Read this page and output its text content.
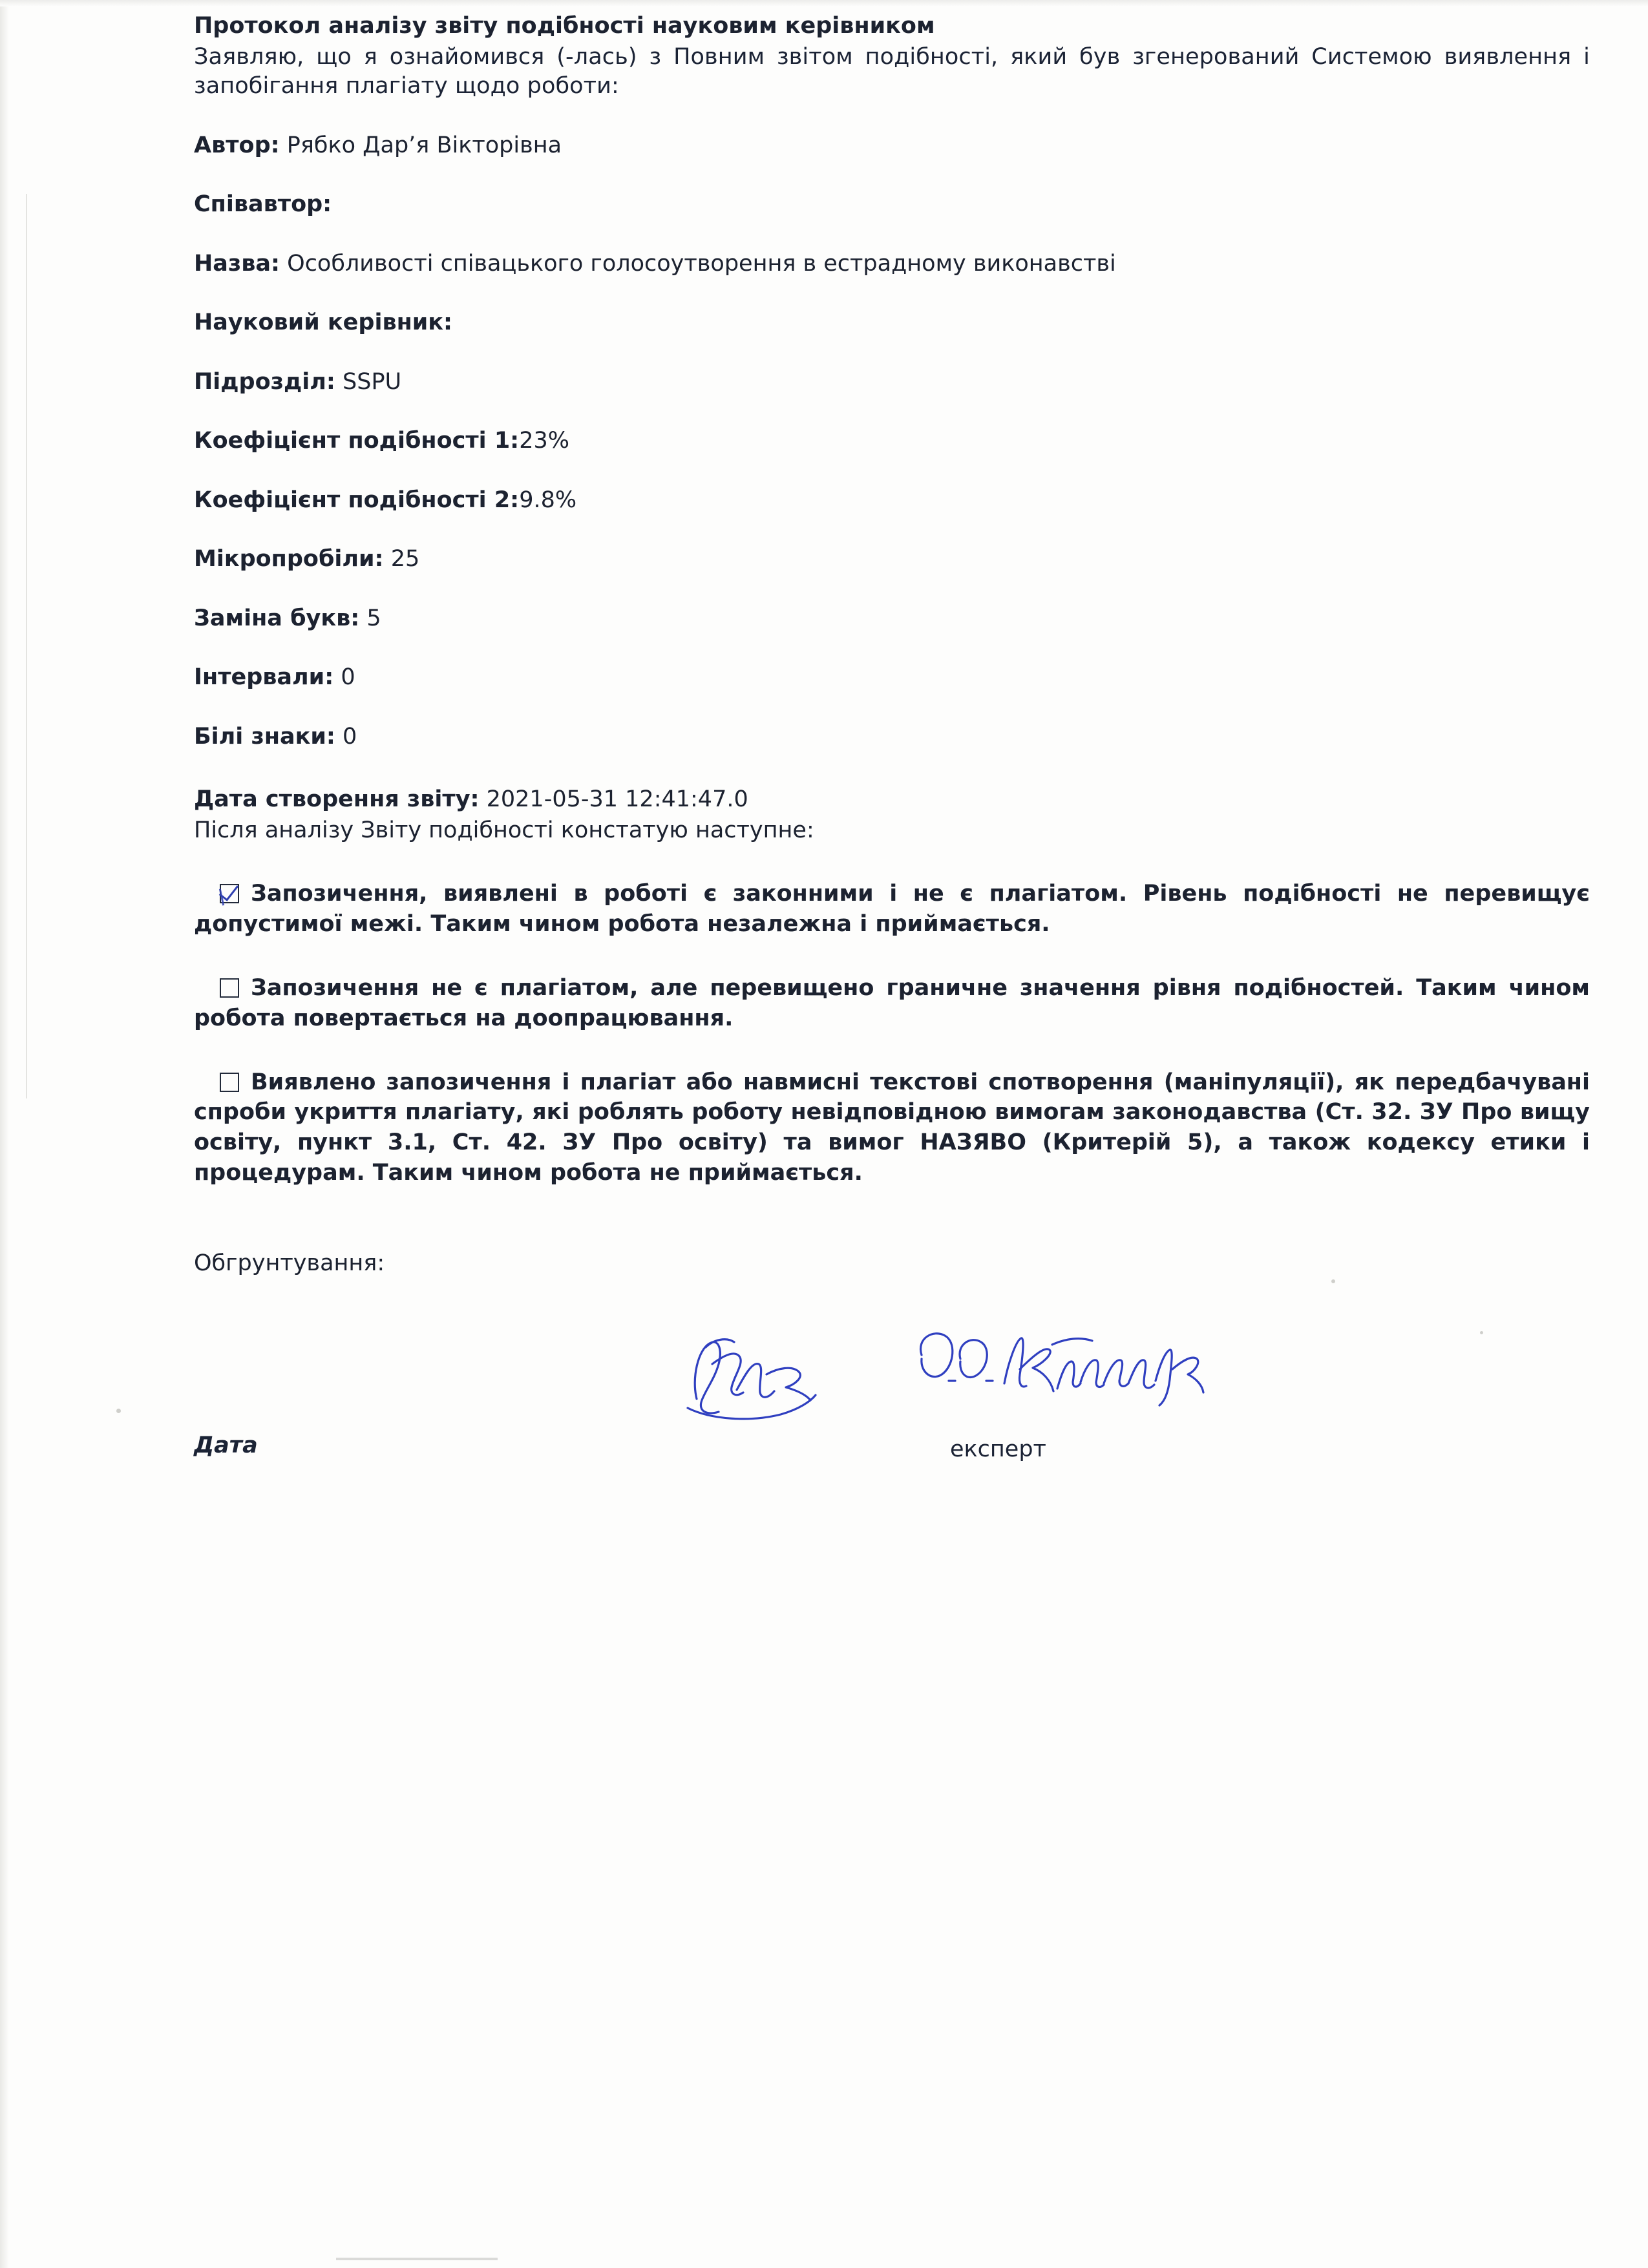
Протокол аналізу звіту подібності науковим керівником
Заявляю, що я ознайомився (-лась) з Повним звітом подібності, який був згенерований Системою виявлення і запобігання плагіату щодо роботи:
Автор: Рябко Дар’я Вікторівна
Співавтор:
Назва: Особливості співацького голосоутворення в естрадному виконавстві
Науковий керівник:
Підрозділ: SSPU
Коефіцієнт подібності 1:23%
Коефіцієнт подібності 2:9.8%
Мікропробіли: 25
Заміна букв: 5
Інтервали: 0
Білі знаки: 0
Дата створення звіту: 2021-05-31 12:41:47.0
Після аналізу Звіту подібності констатую наступне:
Запозичення, виявлені в роботі є законними і не є плагіатом. Рівень подібності не перевищує допустимої межі. Таким чином робота незалежна і приймається.
Запозичення не є плагіатом, але перевищено граничне значення рівня подібностей. Таким чином робота повертається на доопрацювання.
Виявлено запозичення і плагіат або навмисні текстові спотворення (маніпуляції), як передбачувані спроби укриття плагіату, які роблять роботу невідповідною вимогам законодавства (Ст. 32. ЗУ Про вищу освіту, пункт 3.1, Ст. 42. ЗУ Про освіту) та вимог НАЗЯВО (Критерій 5), а також кодексу етики і процедурам. Таким чином робота не приймається.
Обгрунтування:
Дата	експерт
